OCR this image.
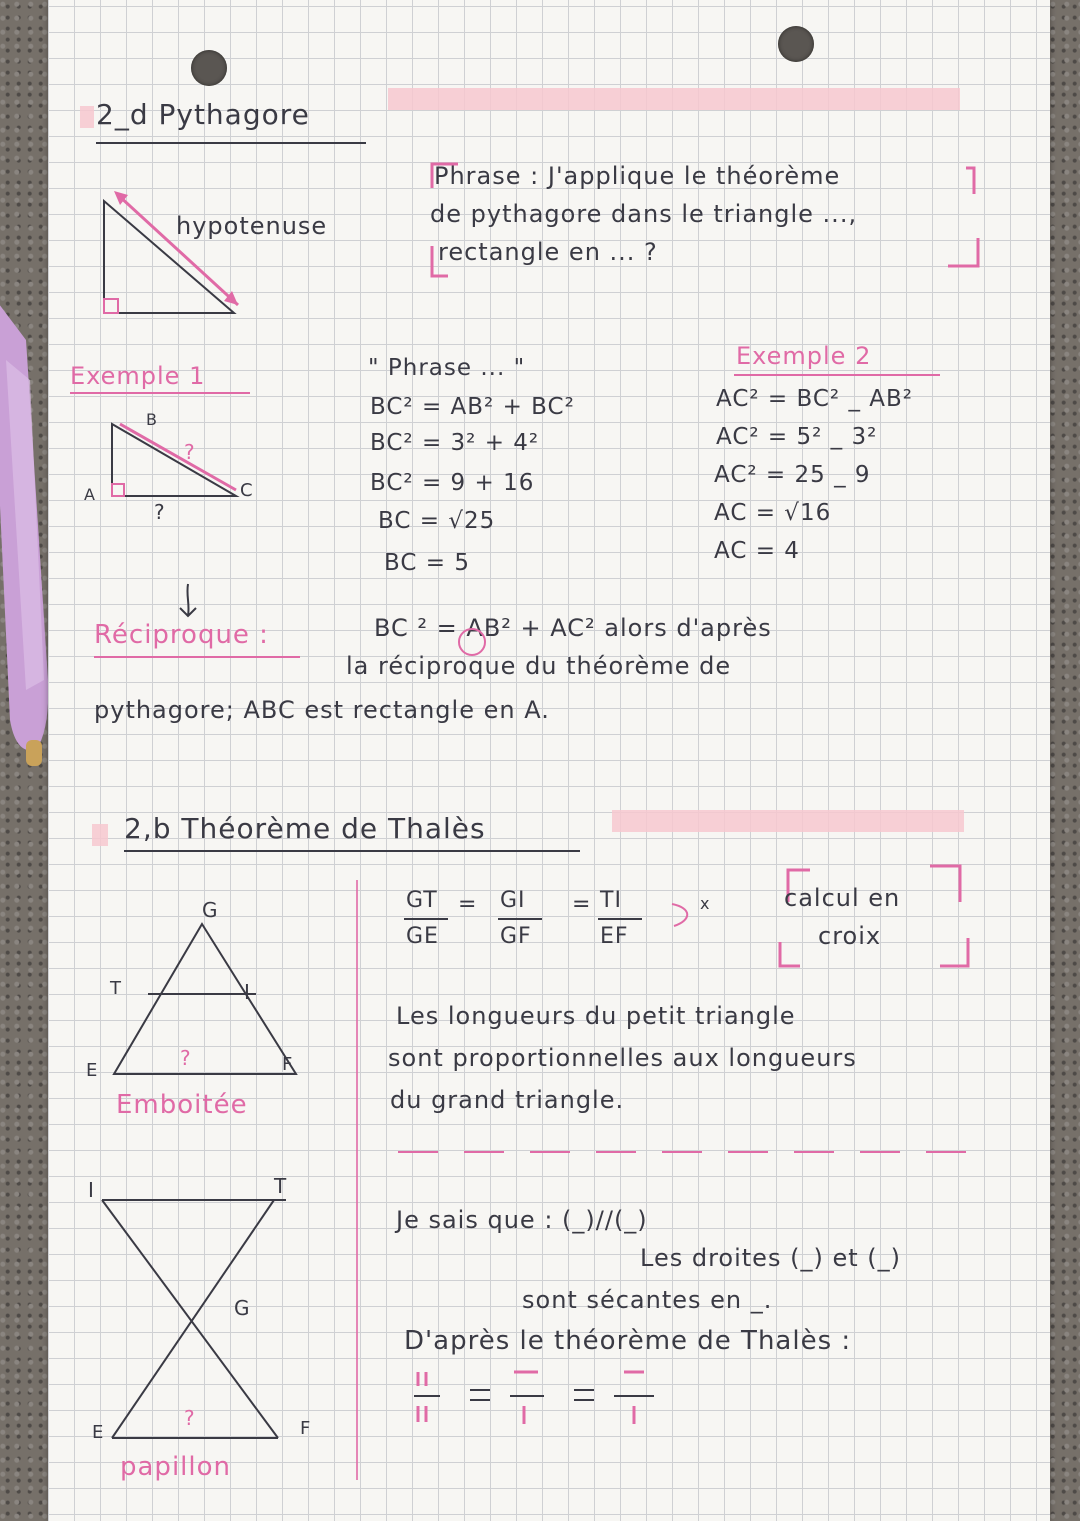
2_d Pythagore
hypotenuse
Phrase : J'applique le théorème
de pythagore dans le triangle ...,
rectangle en ... ?
Exemple 1
B
A	C
?
?
" Phrase ... "
BC² = AB² + BC²
BC² = 3² + 4²
BC² = 9 + 16
BC = √25
BC = 5
Exemple 2
AC² = BC² _ AB²
AC² = 5² _ 3²
AC² = 25 _ 9
AC = √16
AC = 4
Réciproque :	BC ² = AB² + AC² alors d'après
la réciproque du théorème de
pythagore; ABC est rectangle en A.
2,b Théorème de Thalès
G
T	I
E	F
?
Emboitée
I	T
G
E	F
?
papillon
GT
GE
= GI
GF
= TI
EF
x	calcul en
croix
Les longueurs du petit triangle
sont proportionnelles aux longueurs
du grand triangle.
Je sais que : (_)//(_)
Les droites (_) et (_)
sont sécantes en _.
D'après le théorème de Thalès :
